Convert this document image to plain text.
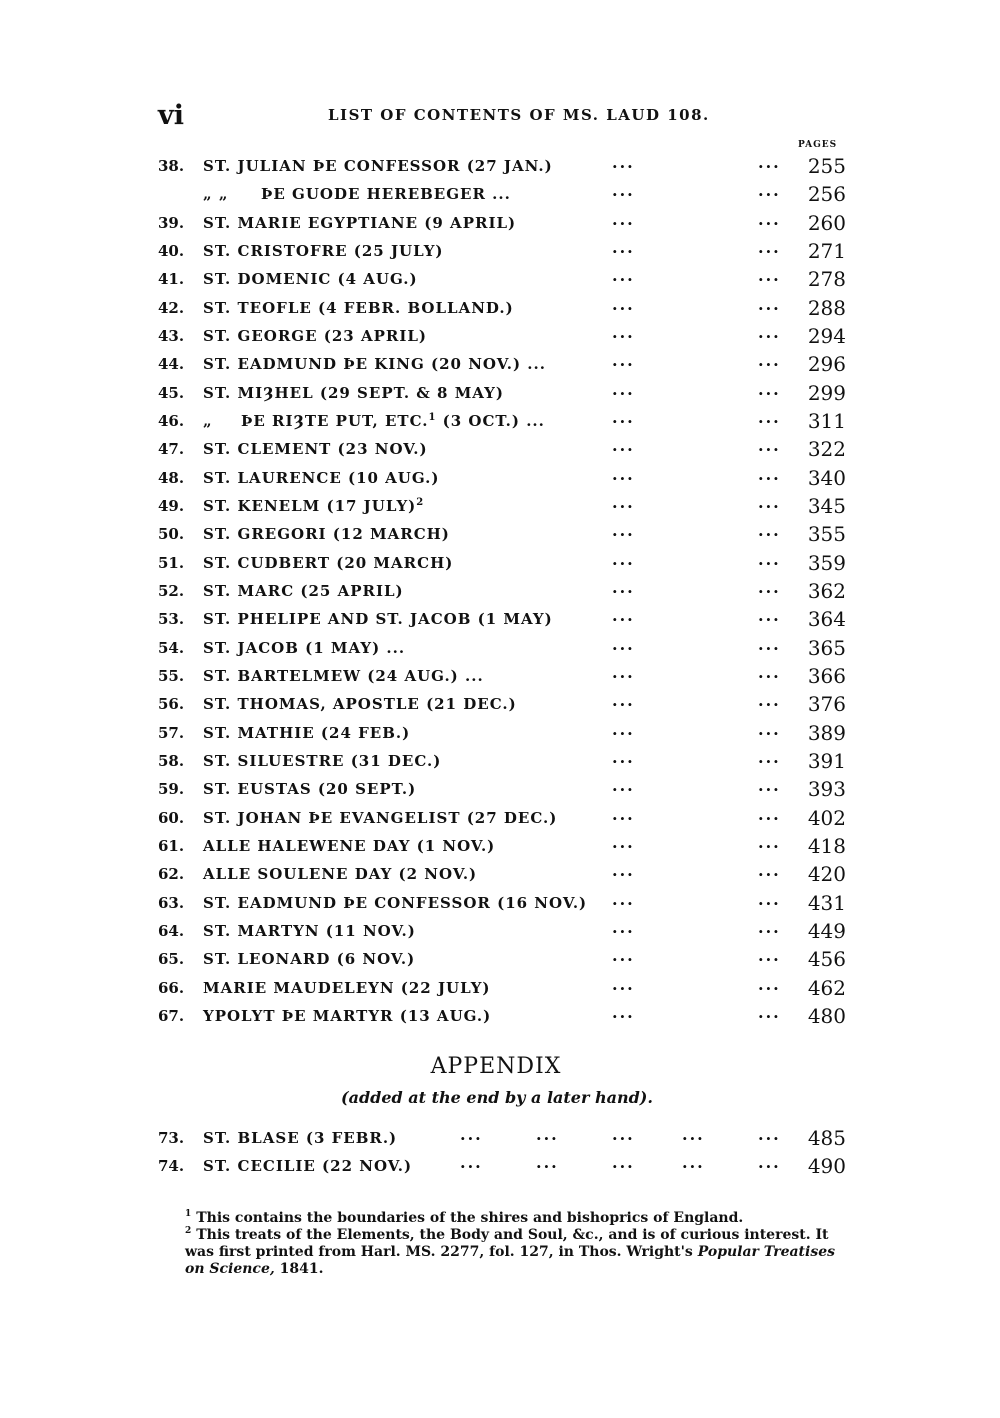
vi	LIST OF CONTENTS OF MS. LAUD 108.
PAGES
38.	ST. JULIAN ÞE CONFESSOR (27 JAN.)	...	... 255
„ „ ÞE GUODE HEREBEGER ...	...	... 256
39.	ST. MARIE EGYPTIANE (9 APRIL)	...	... 260
40.	ST. CRISTOFRE (25 JULY)	...	... 271
41.	ST. DOMENIC (4 AUG.)	...	... 278
42.	ST. TEOFLE (4 FEBR. BOLLAND.)	...	... 288
43.	ST. GEORGE (23 APRIL)	...	... 294
44.	ST. EADMUND ÞE KING (20 NOV.) ...	...	... 296
45.	ST. MIȜHEL (29 SEPT. & 8 MAY)	...	... 299
46.	„ ÞE RIȜTE PUT, ETC.$^1$ (3 OCT.) ...	...	... 311
47.	ST. CLEMENT (23 NOV.)	...	... 322
48.	ST. LAURENCE (10 AUG.)	...	... 340
49.	ST. KENELM (17 JULY)$^2$	...	... 345
50.	ST. GREGORI (12 MARCH)	...	... 355
51.	ST. CUDBERT (20 MARCH)	...	... 359
52.	ST. MARC (25 APRIL)	...	... 362
53.	ST. PHELIPE AND ST. JACOB (1 MAY)	...	... 364
54.	ST. JACOB (1 MAY) ...	...	... 365
55.	ST. BARTELMEW (24 AUG.) ...	...	... 366
56.	ST. THOMAS, APOSTLE (21 DEC.)	...	... 376
57.	ST. MATHIE (24 FEB.)	...	... 389
58.	ST. SILUESTRE (31 DEC.)	...	... 391
59.	ST. EUSTAS (20 SEPT.)	...	... 393
60.	ST. JOHAN ÞE EVANGELIST (27 DEC.)	...	... 402
61.	ALLE HALEWENE DAY (1 NOV.)	...	... 418
62.	ALLE SOULENE DAY (2 NOV.)	...	... 420
63.	ST. EADMUND ÞE CONFESSOR (16 NOV.) ...	... 431
64.	ST. MARTYN (11 NOV.)	...	... 449
65.	ST. LEONARD (6 NOV.)	...	... 456
66.	MARIE MAUDELEYN (22 JULY)	...	... 462
67.	YPOLYT ÞE MARTYR (13 AUG.)	...	... 480
APPENDIX
(added at the end by a later hand).
73.	ST. BLASE (3 FEBR.)	...	...	...	...	... 485
74.	ST. CECILIE (22 NOV.)	...	...	...	...	... 490

$^1$ This contains the boundaries of the shires and bishoprics of England.

$^2$ This treats of the Elements, the Body and Soul, &c., and is of curious interest. It was first printed from Harl. MS. 2277, fol. 127, in Thos. Wright's Popular Treatises on Science, 1841.
